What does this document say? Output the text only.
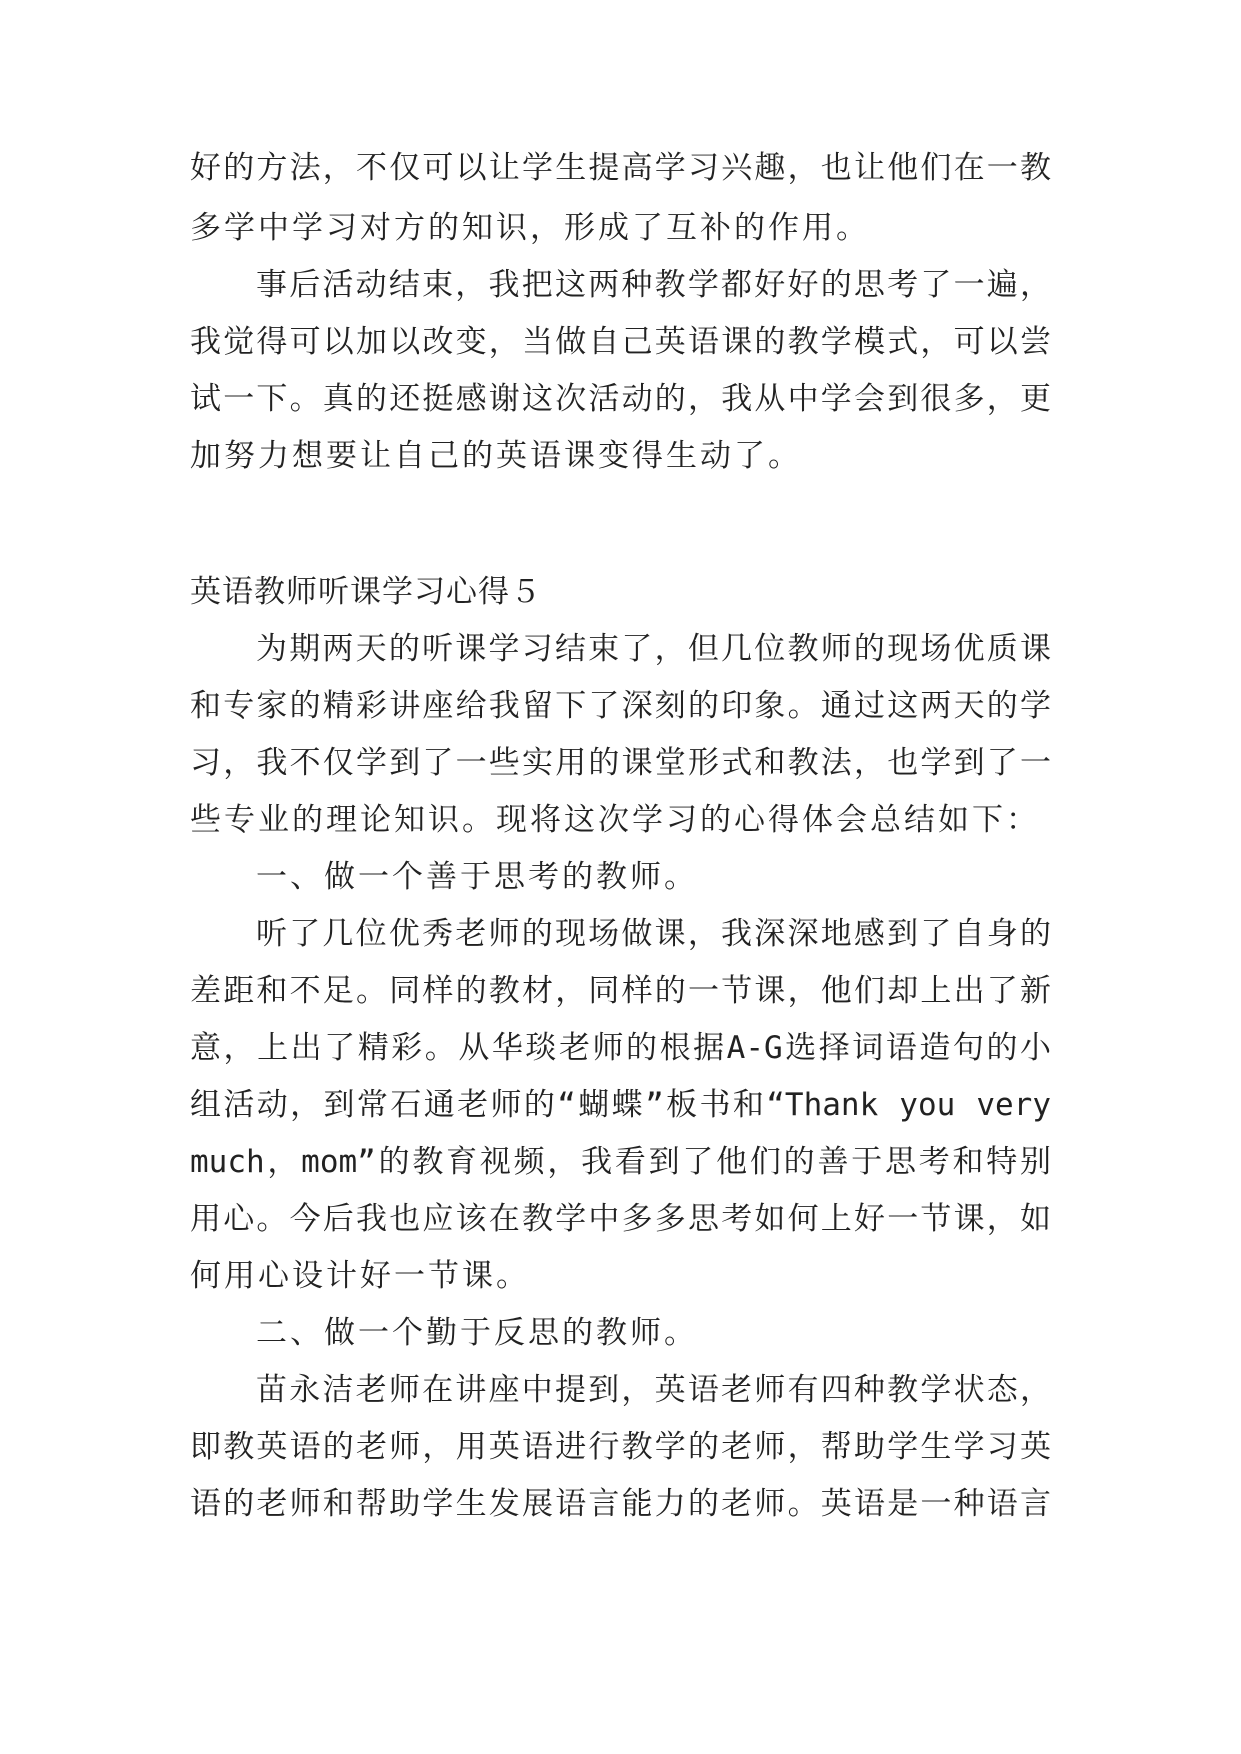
好的方法，不仅可以让学生提高学习兴趣，也让他们在一教
多学中学习对方的知识，形成了互补的作用。
事后活动结束，我把这两种教学都好好的思考了一遍，
我觉得可以加以改变，当做自己英语课的教学模式，可以尝
试一下。真的还挺感谢这次活动的，我从中学会到很多，更
加努力想要让自己的英语课变得生动了。
英语教师听课学习心得５
为期两天的听课学习结束了，但几位教师的现场优质课
和专家的精彩讲座给我留下了深刻的印象。通过这两天的学
习，我不仅学到了一些实用的课堂形式和教法，也学到了一
些专业的理论知识。现将这次学习的心得体会总结如下：
一、做一个善于思考的教师。
听了几位优秀老师的现场做课，我深深地感到了自身的
差距和不足。同样的教材，同样的一节课，他们却上出了新
意，上出了精彩。从华琰老师的根据A-G选择词语造句的小
组活动，到常石通老师的“蝴蝶”板书和“Thank you very
much，mom”的教育视频，我看到了他们的善于思考和特别
用心。今后我也应该在教学中多多思考如何上好一节课，如
何用心设计好一节课。
二、做一个勤于反思的教师。
苗永洁老师在讲座中提到，英语老师有四种教学状态，
即教英语的老师，用英语进行教学的老师，帮助学生学习英
语的老师和帮助学生发展语言能力的老师。英语是一种语言
